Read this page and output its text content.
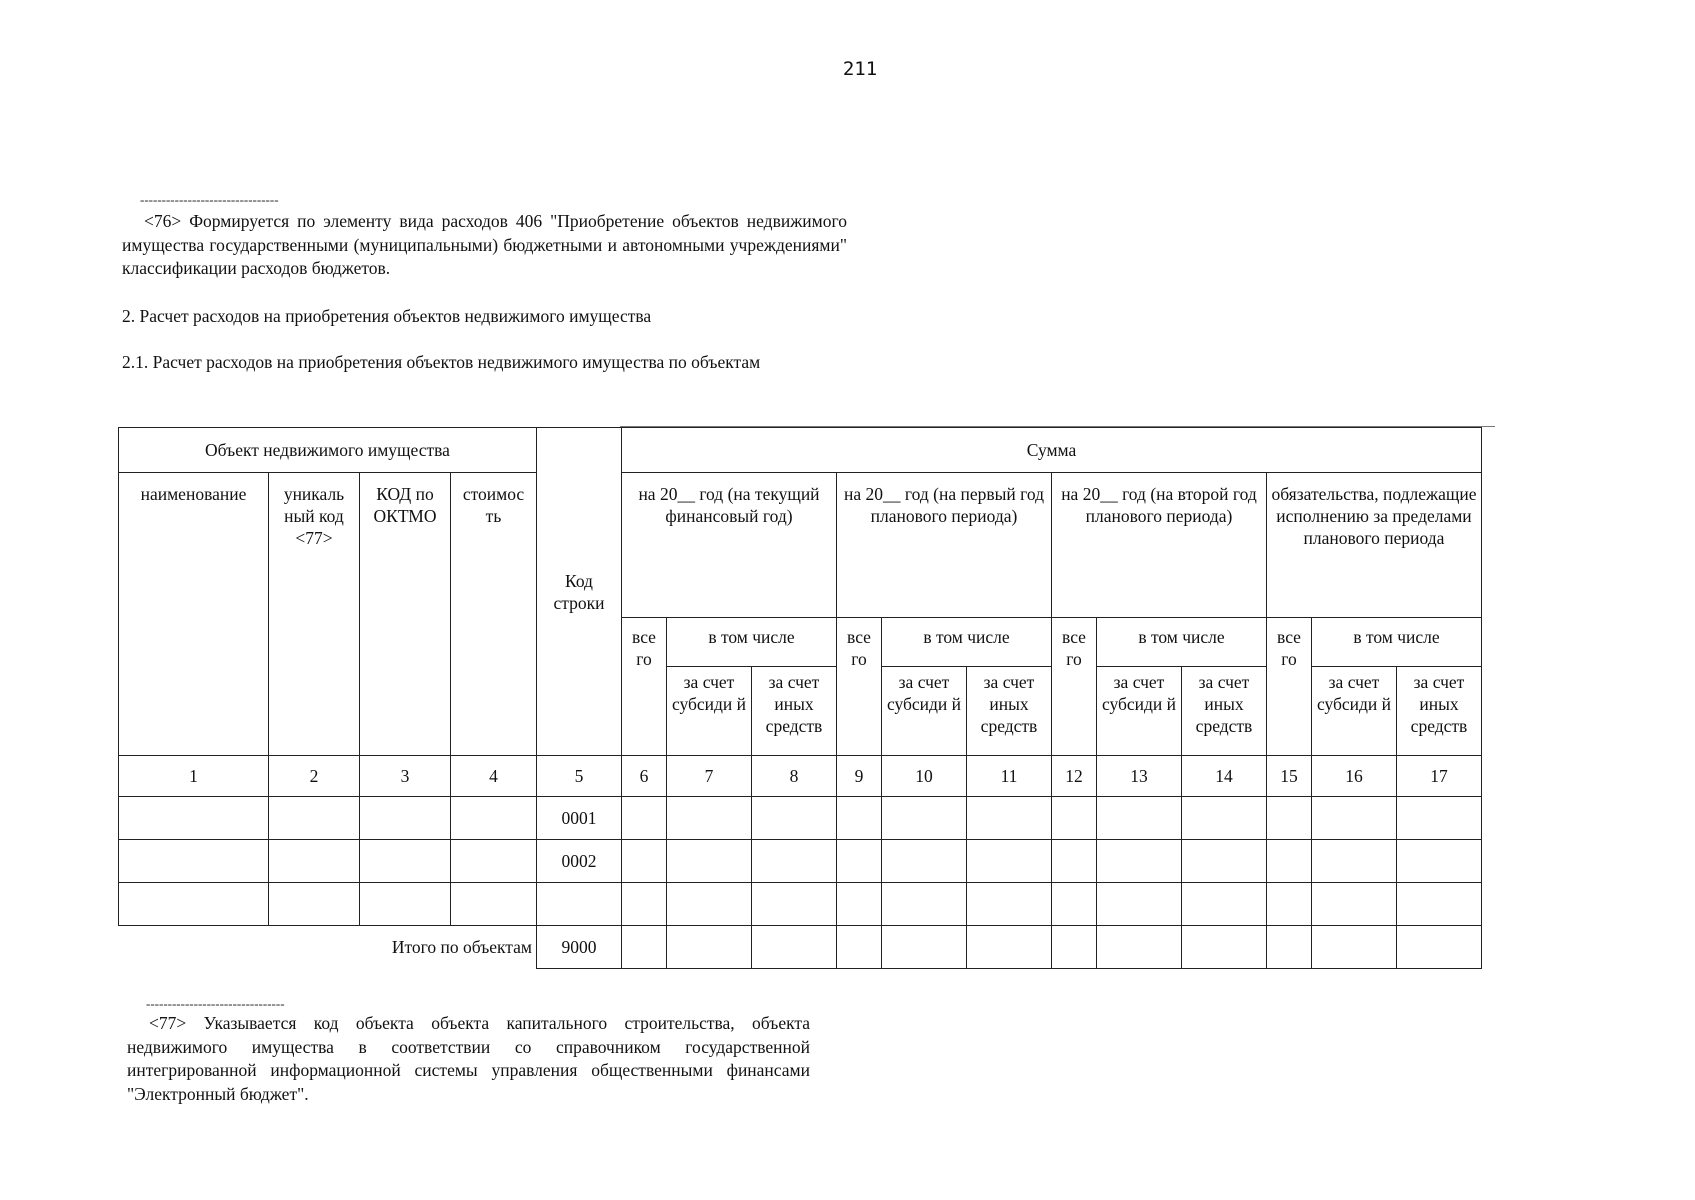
211
--------------------------------
<76> Формируется по элементу вида расходов 406 "Приобретение объектов недвижимого имущества государственными (муниципальными) бюджетными и автономными учреждениями" классификации расходов бюджетов.
2. Расчет расходов на приобретения объектов недвижимого имущества
2.1. Расчет расходов на приобретения объектов недвижимого имущества по объектам
Объект недвижимого имущества				Код строки	Сумма											
наименование	уникаль ный код <77>	КОД по ОКТМО	стоимос ть		на 20__ год (на текущий финансовый год)			на 20__ год (на первый год планового периода)			на 20__ год (на второй год планового периода)			обязательства, подлежащие исполнению за пределами планового периода		
					все го	в том числе		все го	в том числе		все го	в том числе		все го	в том числе	
						за счет субсиди й	за счет иных средств		за счет субсиди й	за счет иных средств		за счет субсиди й	за счет иных средств		за счет субсиди й	за счет иных средств
1	2	3	4	5	6	7	8	9	10	11	12	13	14	15	16	17
				0001												
				0002												

Итого по объектам				9000												
--------------------------------
<77> Указывается код объекта объекта капитального строительства, объекта недвижимого имущества в соответствии со справочником государственной интегрированной информационной системы управления общественными финансами "Электронный бюджет".
